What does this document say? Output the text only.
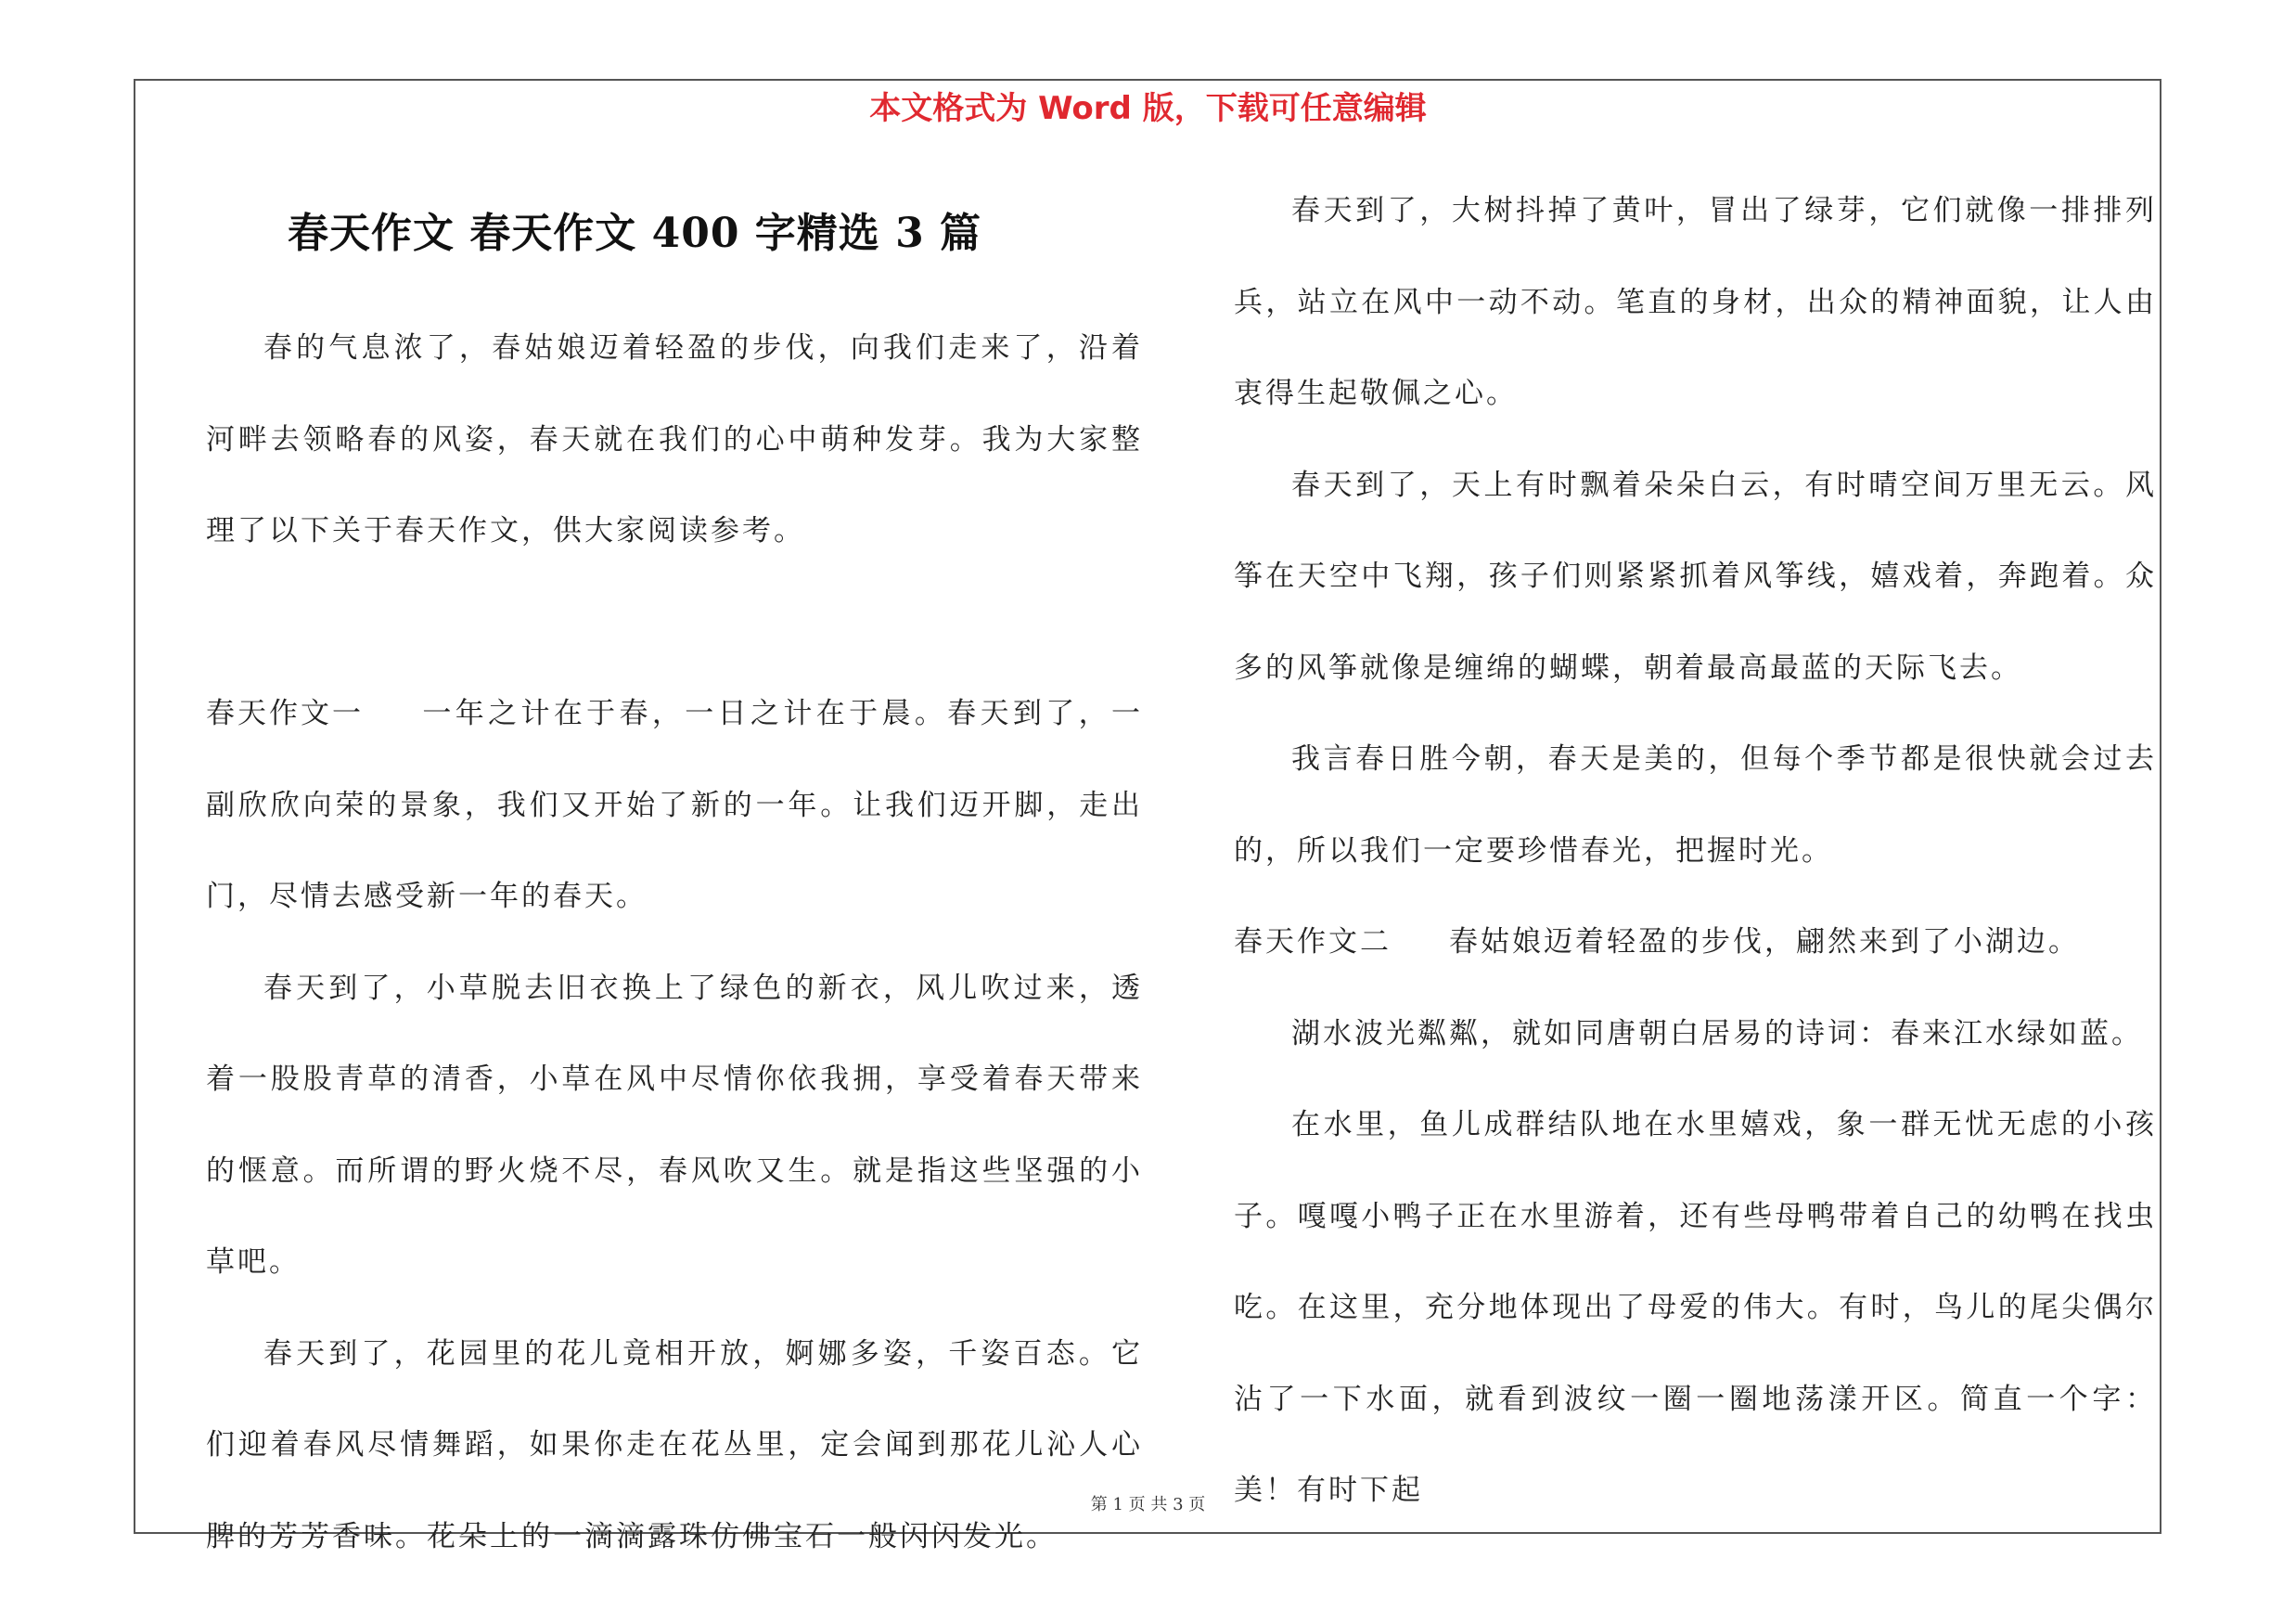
本文格式为 Word 版，下载可任意编辑
春天作文 春天作文 400 字精选 3 篇

春的气息浓了，春姑娘迈着轻盈的步伐，向我们走来了，沿着河畔去领略春的风姿，春天就在我们的心中萌种发芽。我为大家整理了以下关于春天作文，供大家阅读参考。

春天作文一 一年之计在于春，一日之计在于晨。春天到了，一副欣欣向荣的景象，我们又开始了新的一年。让我们迈开脚，走出门，尽情去感受新一年的春天。

春天到了，小草脱去旧衣换上了绿色的新衣，风儿吹过来，透着一股股青草的清香，小草在风中尽情你依我拥，享受着春天带来的惬意。而所谓的野火烧不尽，春风吹又生。就是指这些坚强的小草吧。

春天到了，花园里的花儿竟相开放，婀娜多姿，千姿百态。它们迎着春风尽情舞蹈，如果你走在花丛里，定会闻到那花儿沁人心脾的芳芳香味。花朵上的一滴滴露珠仿佛宝石一般闪闪发光。

春天到了，大树抖掉了黄叶，冒出了绿芽，它们就像一排排列兵，站立在风中一动不动。笔直的身材，出众的精神面貌，让人由衷得生起敬佩之心。

春天到了，天上有时飘着朵朵白云，有时晴空间万里无云。风筝在天空中飞翔，孩子们则紧紧抓着风筝线，嬉戏着，奔跑着。众多的风筝就像是缠绵的蝴蝶，朝着最高最蓝的天际飞去。

我言春日胜今朝，春天是美的，但每个季节都是很快就会过去的，所以我们一定要珍惜春光，把握时光。

春天作文二 春姑娘迈着轻盈的步伐，翩然来到了小湖边。

湖水波光粼粼，就如同唐朝白居易的诗词：春来江水绿如蓝。

在水里，鱼儿成群结队地在水里嬉戏，象一群无忧无虑的小孩子。嘎嘎小鸭子正在水里游着，还有些母鸭带着自己的幼鸭在找虫吃。在这里，充分地体现出了母爱的伟大。有时，鸟儿的尾尖偶尔沾了一下水面，就看到波纹一圈一圈地荡漾开区。简直一个字：美！有时下起

第 1 页 共 3 页
